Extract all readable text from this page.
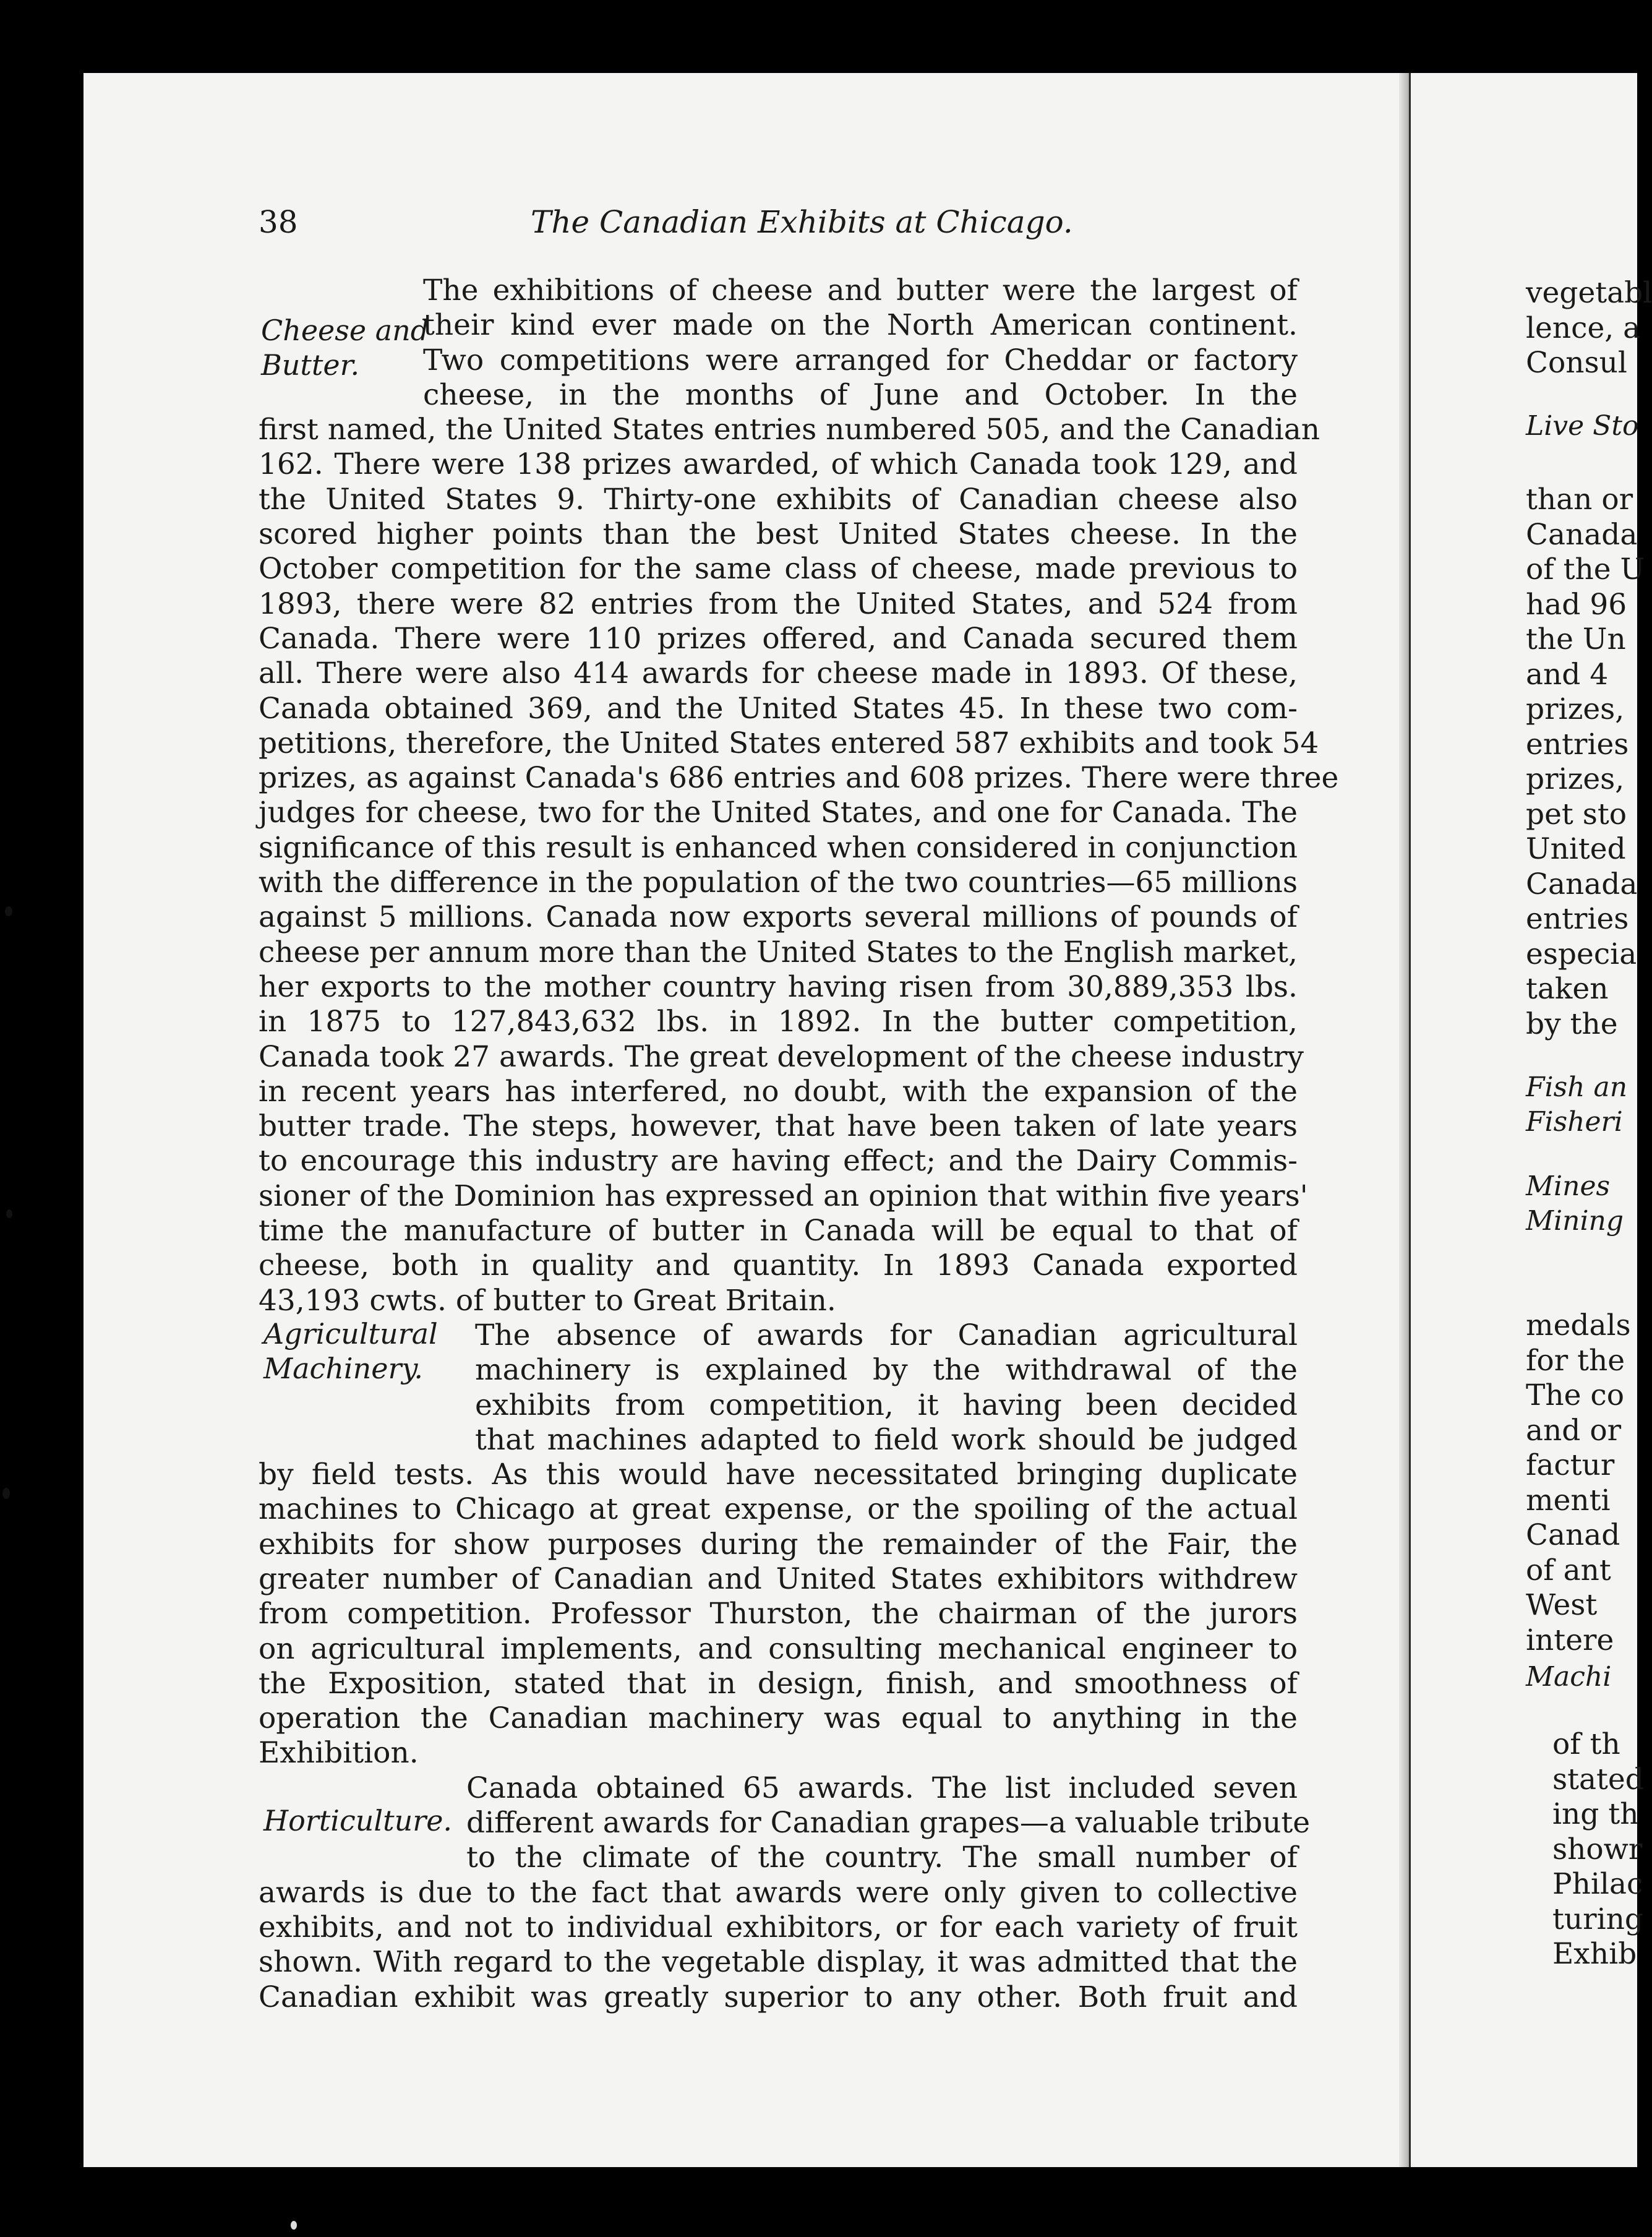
38	The Canadian Exhibits at Chicago.
Cheese and
Butter.
Agricultural
Machinery.
Horticulture.
The exhibitions of cheese and butter were the largest of
their kind ever made on the North American continent.
Two competitions were arranged for Cheddar or factory
cheese, in the months of June and October. In the
first named, the United States entries numbered 505, and the Canadian
162. There were 138 prizes awarded, of which Canada took 129, and
the United States 9. Thirty-one exhibits of Canadian cheese also
scored higher points than the best United States cheese. In the
October competition for the same class of cheese, made previous to
1893, there were 82 entries from the United States, and 524 from
Canada. There were 110 prizes offered, and Canada secured them
all. There were also 414 awards for cheese made in 1893. Of these,
Canada obtained 369, and the United States 45. In these two com-
petitions, therefore, the United States entered 587 exhibits and took 54
prizes, as against Canada's 686 entries and 608 prizes. There were three
judges for cheese, two for the United States, and one for Canada. The
significance of this result is enhanced when considered in conjunction
with the difference in the population of the two countries—65 millions
against 5 millions. Canada now exports several millions of pounds of
cheese per annum more than the United States to the English market,
her exports to the mother country having risen from 30,889,353 lbs.
in 1875 to 127,843,632 lbs. in 1892. In the butter competition,
Canada took 27 awards. The great development of the cheese industry
in recent years has interfered, no doubt, with the expansion of the
butter trade. The steps, however, that have been taken of late years
to encourage this industry are having effect; and the Dairy Commis-
sioner of the Dominion has expressed an opinion that within five years'
time the manufacture of butter in Canada will be equal to that of
cheese, both in quality and quantity. In 1893 Canada exported
43,193 cwts. of butter to Great Britain.
The absence of awards for Canadian agricultural
machinery is explained by the withdrawal of the
exhibits from competition, it having been decided
that machines adapted to field work should be judged
by field tests. As this would have necessitated bringing duplicate
machines to Chicago at great expense, or the spoiling of the actual
exhibits for show purposes during the remainder of the Fair, the
greater number of Canadian and United States exhibitors withdrew
from competition. Professor Thurston, the chairman of the jurors
on agricultural implements, and consulting mechanical engineer to
the Exposition, stated that in design, finish, and smoothness of
operation the Canadian machinery was equal to anything in the
Exhibition.
Canada obtained 65 awards. The list included seven
different awards for Canadian grapes—a valuable tribute
to the climate of the country. The small number of
awards is due to the fact that awards were only given to collective
exhibits, and not to individual exhibitors, or for each variety of fruit
shown. With regard to the vegetable display, it was admitted that the
Canadian exhibit was greatly superior to any other. Both fruit and
vegetabl
lence, a
Consul
Live Sto
than or
Canada
of the U
had 96
the Un
and 4
prizes,
entries
prizes,
pet sto
United
Canada
entries
especia
taken
by the
Fish an
Fisheri
Mines
Mining
medals
for the
The co
and or
factur
menti
Canad
of ant
West
intere
Machi
of th
stated
ing th
showr
Philac
turing
Exhib
